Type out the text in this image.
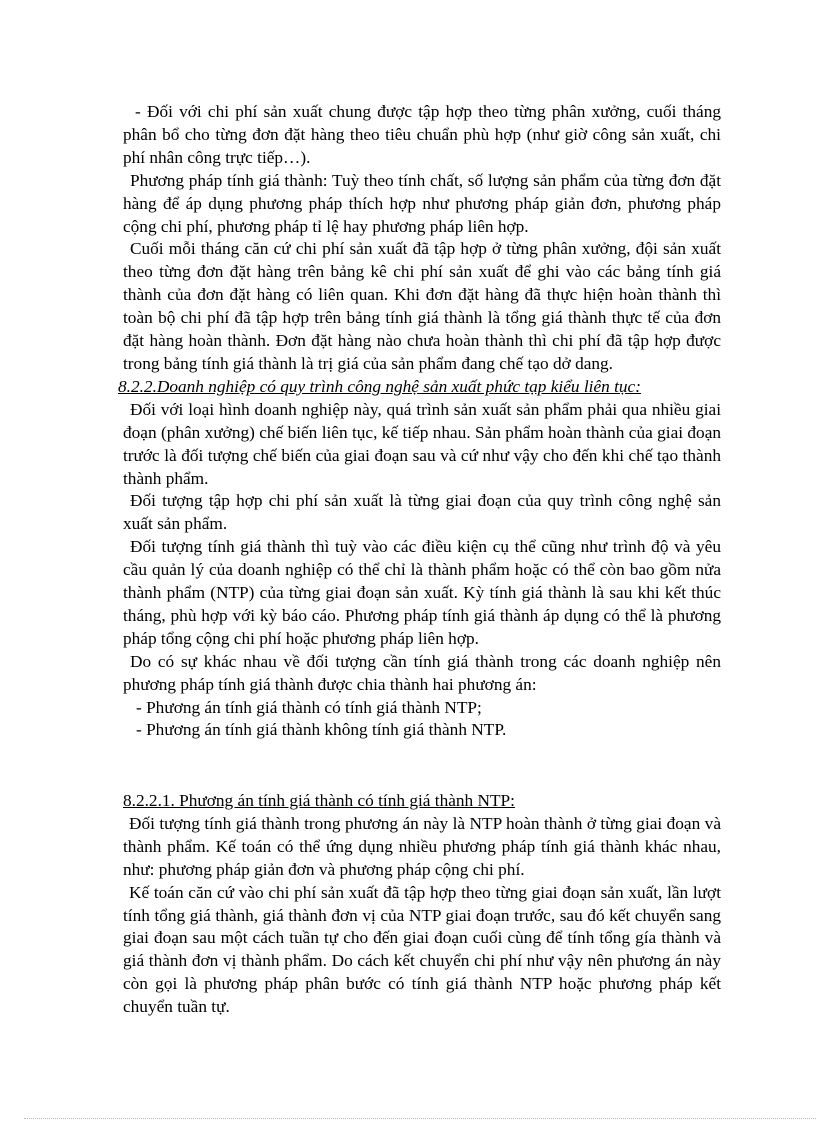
- Đối với chi phí sản xuất chung được tập hợp theo từng phân xưởng, cuối tháng phân bổ cho từng đơn đặt hàng theo tiêu chuẩn phù hợp (như giờ công sản xuất, chi phí nhân công trực tiếp…).

Phương pháp tính giá thành: Tuỳ theo tính chất, số lượng sản phẩm của từng đơn đặt hàng để áp dụng phương pháp thích hợp như phương pháp giản đơn, phương pháp cộng chi phí, phương pháp tỉ lệ hay phương pháp liên hợp.

Cuối mỗi tháng căn cứ chi phí sản xuất đã tập hợp ở từng phân xưởng, đội sản xuất theo từng đơn đặt hàng trên bảng kê chi phí sản xuất để ghi vào các bảng tính giá thành của đơn đặt hàng có liên quan. Khi đơn đặt hàng đã thực hiện hoàn thành thì toàn bộ chi phí đã tập hợp trên bảng tính giá thành là tổng giá thành thực tế của đơn đặt hàng hoàn thành. Đơn đặt hàng nào chưa hoàn thành thì chi phí đã tập hợp được trong bảng tính giá thành là trị giá của sản phẩm đang chế tạo dở dang.

8.2.2.Doanh nghiệp có quy trình công nghệ sản xuất phức tạp kiểu liên tục:

Đối với loại hình doanh nghiệp này, quá trình sản xuất sản phẩm phải qua nhiều giai đoạn (phân xưởng) chế biến liên tục, kế tiếp nhau. Sản phẩm hoàn thành của giai đoạn trước là đối tượng chế biến của giai đoạn sau và cứ như vậy cho đến khi chế tạo thành thành phẩm.

Đối tượng tập hợp chi phí sản xuất là từng giai đoạn của quy trình công nghệ sản xuất sản phẩm.

Đối tượng tính giá thành thì tuỳ vào các điều kiện cụ thể cũng như trình độ và yêu cầu quản lý của doanh nghiệp có thể chỉ là thành phẩm hoặc có thể còn bao gồm nửa thành phẩm (NTP) của từng giai đoạn sản xuất. Kỳ tính giá thành là sau khi kết thúc tháng, phù hợp với kỳ báo cáo. Phương pháp tính giá thành áp dụng có thể là phương pháp tổng cộng chi phí hoặc phương pháp liên hợp.

Do có sự khác nhau về đối tượng cần tính giá thành trong các doanh nghiệp nên phương pháp tính giá thành được chia thành hai phương án:

- Phương án tính giá thành có tính giá thành NTP;

- Phương án tính giá thành không tính giá thành NTP.

8.2.2.1. Phương án tính giá thành có tính giá thành NTP:

Đối tượng tính giá thành trong phương án này là NTP hoàn thành ở từng giai đoạn và thành phẩm. Kế toán có thể ứng dụng nhiều phương pháp tính giá thành khác nhau, như: phương pháp giản đơn và phương pháp cộng chi phí.

Kế toán căn cứ vào chi phí sản xuất đã tập hợp theo từng giai đoạn sản xuất, lần lượt tính tổng giá thành, giá thành đơn vị của NTP giai đoạn trước, sau đó kết chuyển sang giai đoạn sau một cách tuần tự cho đến giai đoạn cuối cùng để tính tổng gía thành và giá thành đơn vị thành phẩm. Do cách kết chuyển chi phí như vậy nên phương án này còn gọi là phương pháp phân bước có tính giá thành NTP hoặc phương pháp kết chuyển tuần tự.
